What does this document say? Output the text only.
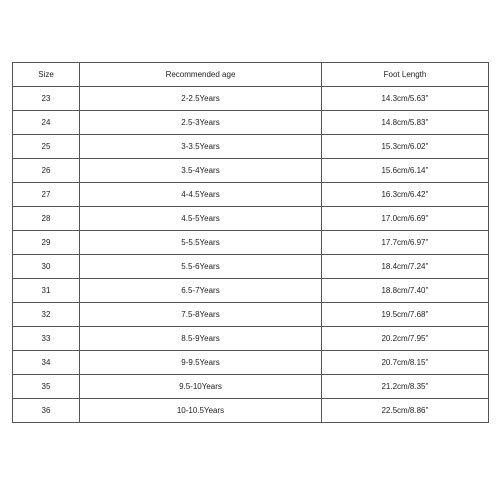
Size	Recommended age	Foot Length
23	2-2.5Years	14.3cm/5.63''
24	2.5-3Years	14.8cm/5.83''
25	3-3.5Years	15.3cm/6.02''
26	3.5-4Years	15.6cm/6.14''
27	4-4.5Years	16.3cm/6.42''
28	4.5-5Years	17.0cm/6.69''
29	5-5.5Years	17.7cm/6.97''
30	5.5-6Years	18.4cm/7.24''
31	6.5-7Years	18.8cm/7.40''
32	7.5-8Years	19.5cm/7.68''
33	8.5-9Years	20.2cm/7.95''
34	9-9.5Years	20.7cm/8.15''
35	9.5-10Years	21.2cm/8.35''
36	10-10.5Years	22.5cm/8.86''
